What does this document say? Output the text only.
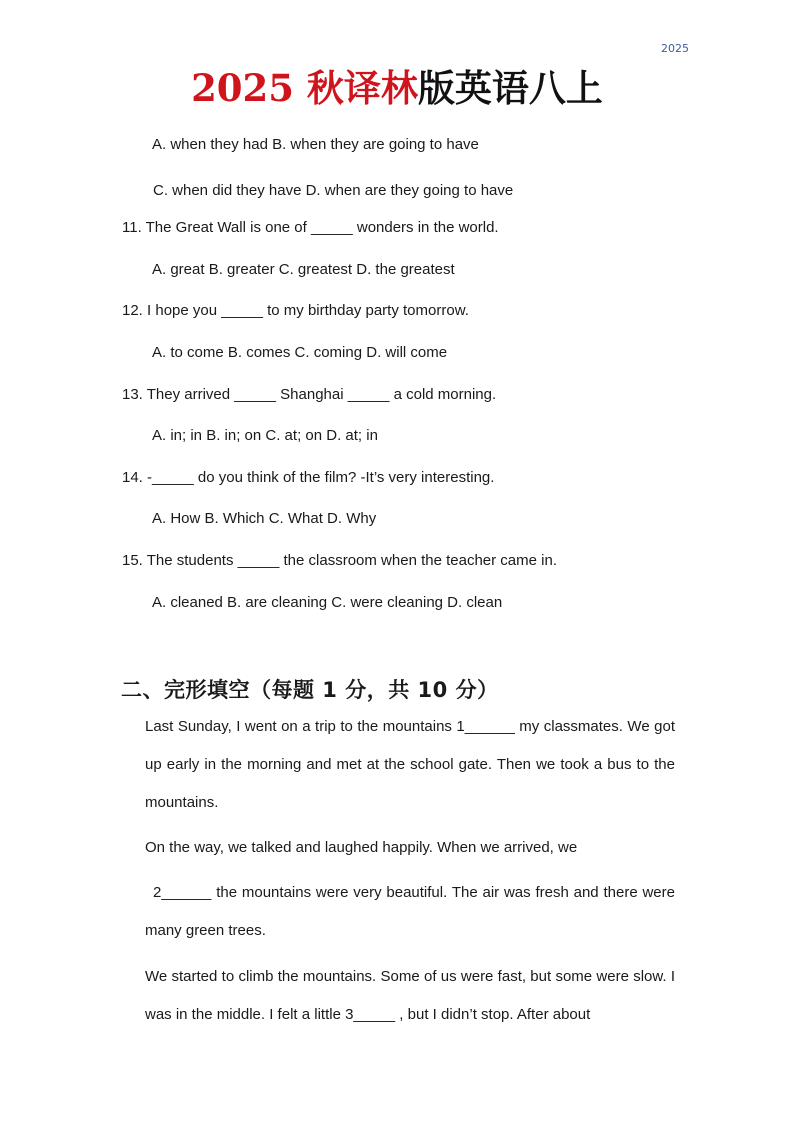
2025
2025 秋译林版英语八上
A. when they had B. when they are going to have
C. when did they have D. when are they going to have
11. The Great Wall is one of _____ wonders in the world.
A. great B. greater C. greatest D. the greatest
12. I hope you _____ to my birthday party tomorrow.
A. to come B. comes C. coming D. will come
13. They arrived _____ Shanghai _____ a cold morning.
A. in; in B. in; on C. at; on D. at; in
14. -_____ do you think of the film? -It’s very interesting.
A. How B. Which C. What D. Why
15. The students _____ the classroom when the teacher came in.
A. cleaned B. are cleaning C. were cleaning D. clean
二、完形填空（每题 1 分，共 10 分）
Last Sunday, I went on a trip to the mountains 1______ my classmates. We got up early in the morning and met at the school gate. Then we took a bus to the mountains.
On the way, we talked and laughed happily. When we arrived, we
2______ the mountains were very beautiful. The air was fresh and there were many green trees.
We started to climb the mountains. Some of us were fast, but some were slow. I was in the middle. I felt a little 3_____ , but I didn’t stop. After about
